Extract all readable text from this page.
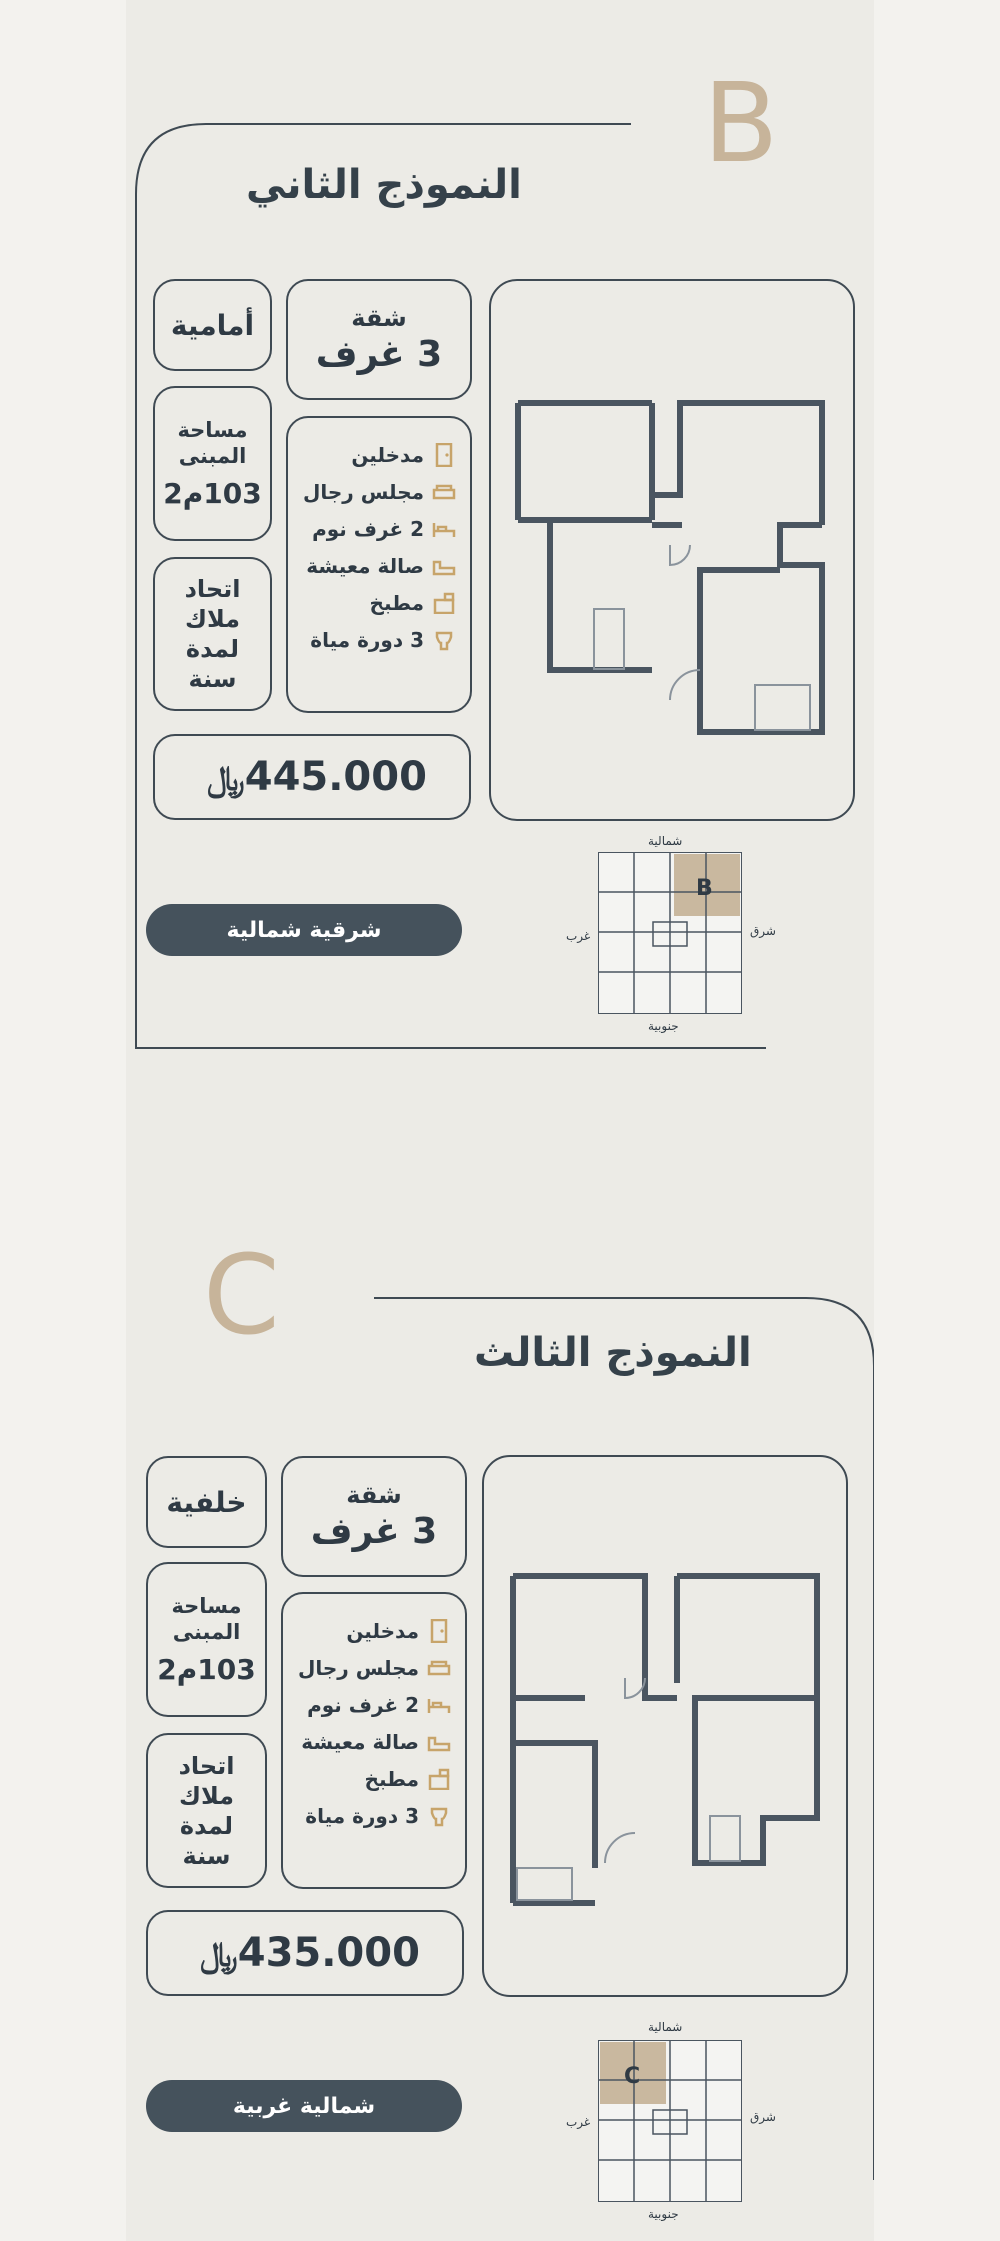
B
النموذج الثاني
شقة
3 غرف
أمامية
مساحة
المبنى
103م2
اتحاد
ملاك
لمدة
سنة
مدخلين
مجلس رجال
2 غرف نوم
صالة معيشة
مطبخ
3 دورة مياة
445.000﷼
شرقية شمالية
B
شمالية
جنوبية
شرق
غرب
C	النموذج الثالث
شقة
3 غرف
خلفية
مساحة
المبنى
103م2
اتحاد
ملاك
لمدة
سنة
مدخلين
مجلس رجال
2 غرف نوم
صالة معيشة
مطبخ
3 دورة مياة
435.000﷼
شمالية غربية
C
شمالية
شرق
غرب
جنوبية
